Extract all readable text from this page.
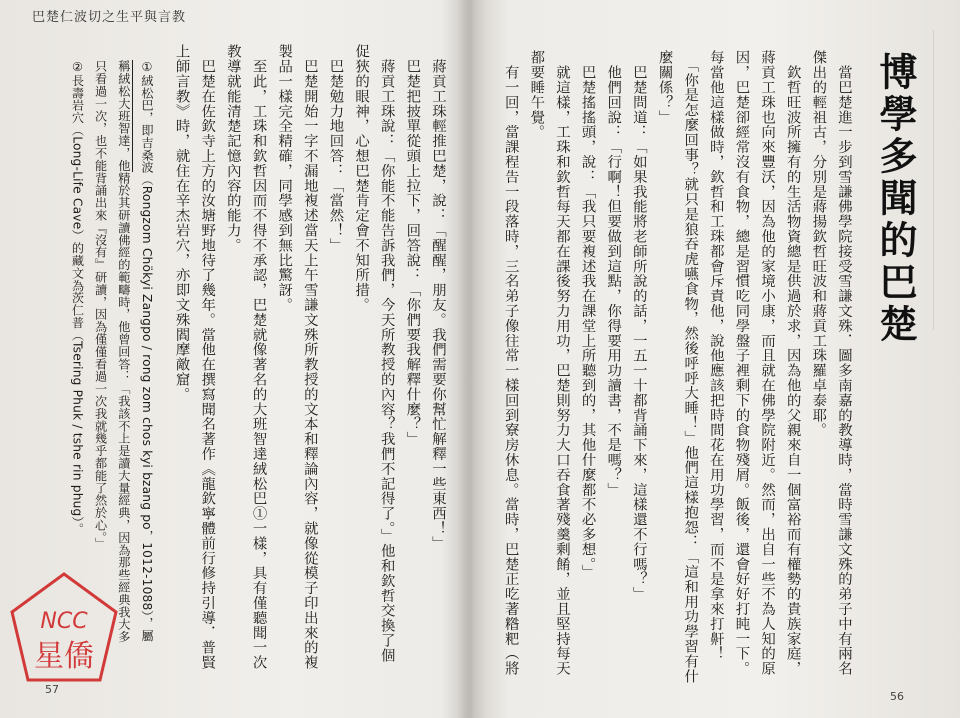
巴楚仁波切之生平與言教
　蔣貢工珠輕推巴楚，說：「醒醒，朋友。我們需要你幫忙解釋一些東西！」
　巴楚把披單從頭上拉下，回答說：「你們要我解釋什麼？」
　蔣貢工珠說：「你能不能告訴我們，今天所教授的內容？我們不記得了。」他和欽哲交換了個促狹的眼神，心想巴楚肯定會不知所措。
　巴楚勉力地回答：「當然！」
　巴楚開始一字不漏地複述當天上午雪謙文殊所教授的文本和釋論內容，就像從模子印出來的複製品一樣完全精確，同學感到無比驚訝。
　至此，工珠和欽哲因而不得不承認，巴楚就像著名的大班智達絨松巴①一樣，具有僅聽聞一次教導就能清楚記憶內容的能力。
　巴楚在佐欽寺上方的汝塘野地待了幾年。當他在撰寫聞名著作《龍欽寧體前行修持引導．普賢上師言教》時，就住在辛杰岩穴，亦即文殊閻摩敵窟。

①絨松巴，即吉桑波（Rongzom Chökyi Zangpo / rong zom chos kyi bzang po，1012-1088），屬稱絨松大班智達，他精於其研讀佛經的範疇時，他曾回答：「我該不上是讀大量經典，因為那些經典我大多只看過一次，也不能背誦出來『沒有』研讀，因為僅僅看過一次我就幾乎都能了然於心。」
②長壽岩穴（Long-Life Cave）的藏文為茨仁普（Tsering Phuk / tshe rin phug）。
NCC
星僑
57
　當巴楚進一步到雪謙佛學院接受雪謙文殊．圖多南嘉的教導時，當時雪謙文殊的弟子中有兩名傑出的輕祖古，分別是蔣揚欽哲旺波和蔣貢工珠羅卓泰耶。
　欽哲旺波所擁有的生活物資總是供過於求，因為他的父親來自一個富裕而有權勢的貴族家庭，蔣貢工珠也向來豐沃，因為他的家境小康，而且就在佛學院附近。然而，出自一些不為人知的原因，巴楚卻經常沒有食物，總是習慣吃同學盤子裡剩下的食物殘屑。飯後，還會好好打盹一下。每當他這樣做時，欽哲和工珠都會斥責他，說他應該把時間花在用功學習，而不是拿來打鼾！
　「你是怎麼回事？就只是狼吞虎嚥食物，然後呼呼大睡！」他們這樣抱怨：「這和用功學習有什麼關係？」
　巴楚問道：「如果我能將老師所說的話，一五一十都背誦下來，這樣還不行嗎？」
　他們回說：「行啊！但要做到這點，你得要用功讀書，不是嗎？」
　巴楚搖搖頭，說：「我只要複述我在課堂上所聽到的，其他什麼都不必多想。」
　就這樣，工珠和欽哲每天都在課後努力用功，巴楚則努力大口吞食著殘羹剩餚，並且堅持每天都要睡午覺。
　有一回，當課程告一段落時，三名弟子像往常一樣回到寮房休息。當時，巴楚正吃著糌粑（將
博學多聞的巴楚
56
